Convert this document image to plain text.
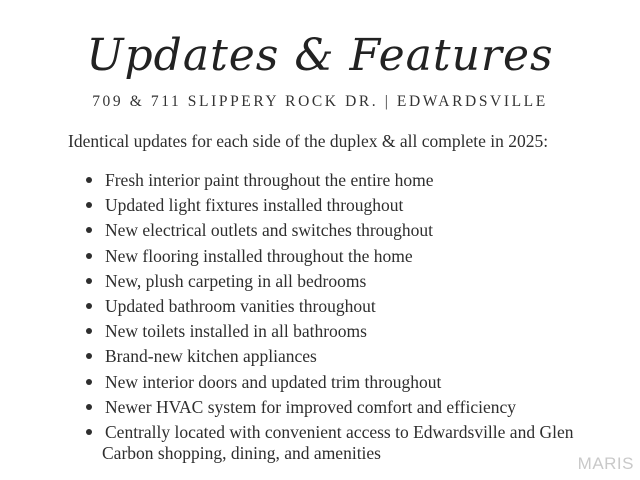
Updates & Features
709 & 711 SLIPPERY ROCK DR. | EDWARDSVILLE
Identical updates for each side of the duplex & all complete in 2025:
Fresh interior paint throughout the entire home
Updated light fixtures installed throughout
New electrical outlets and switches throughout
New flooring installed throughout the home
New, plush carpeting in all bedrooms
Updated bathroom vanities throughout
New toilets installed in all bathrooms
Brand-new kitchen appliances
New interior doors and updated trim throughout
Newer HVAC system for improved comfort and efficiency
Centrally located with convenient access to Edwardsville and Glen
Carbon shopping, dining, and amenities
MARIS
